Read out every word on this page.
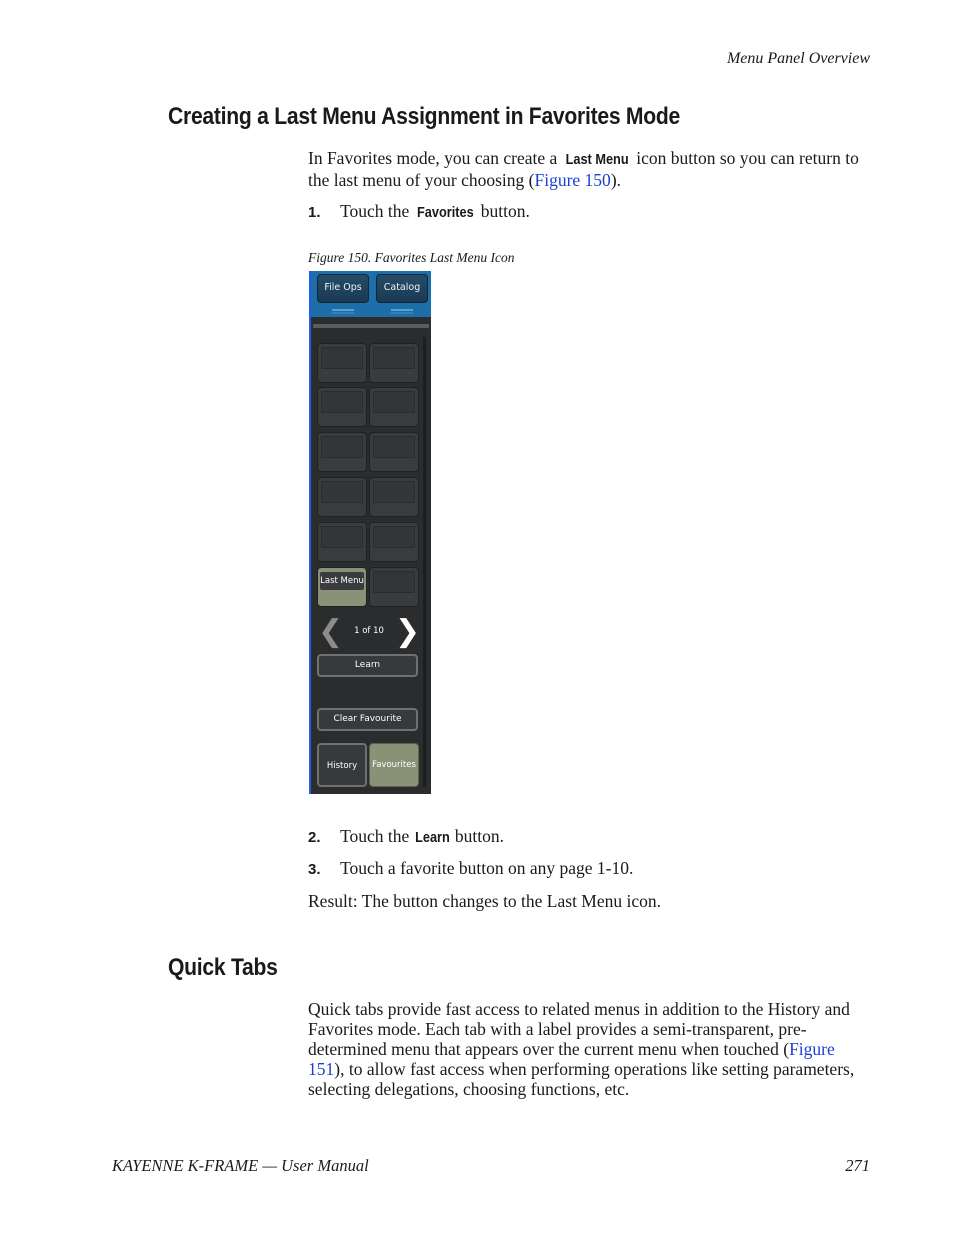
Menu Panel Overview
Creating a Last Menu Assignment in Favorites Mode
In Favorites mode, you can create a Last Menu icon button so you can return to the last menu of your choosing (Figure 150).
1. Touch the Favorites button.
Figure 150. Favorites Last Menu Icon
File Ops	Catalog
Last Menu
❮	1 of 10 ❯
Learn
Clear Favourite
History	Favourites
2. Touch the Learn button.
3. Touch a favorite button on any page 1-10.
Result: The button changes to the Last Menu icon.
Quick Tabs
Quick tabs provide fast access to related menus in addition to the History and Favorites mode. Each tab with a label provides a semi-transparent, pre-determined menu that appears over the current menu when touched (Figure 151), to allow fast access when performing operations like setting parameters, selecting delegations, choosing functions, etc.
KAYENNE K-FRAME — User Manual	271
